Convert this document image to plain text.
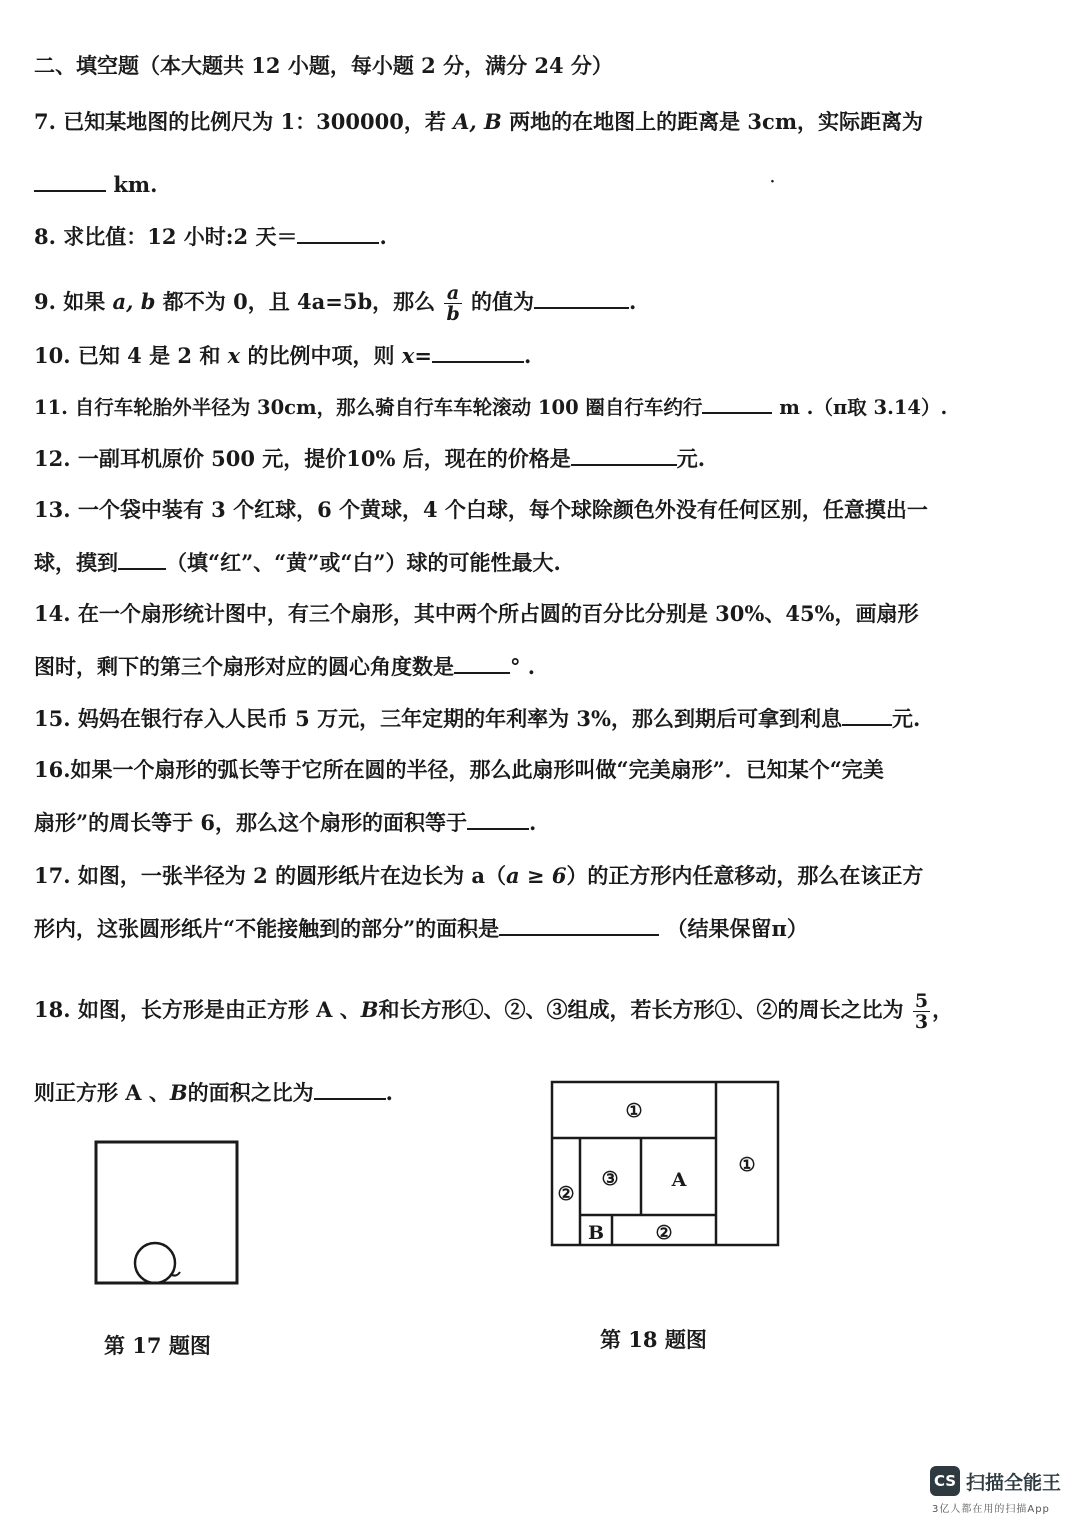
二、填空题（本大题共 12 小题，每小题 2 分，满分 24 分）
7. 已知某地图的比例尺为 1：300000，若 A, B 两地的在地图上的距离是 3cm，实际距离为
km.	·
8. 求比值：12 小时:2 天＝	.
9. 如果 a, b 都不为 0，且 4a=5b，那么 $\frac{a}{b}$ 的值为	.
10. 已知 4 是 2 和 x 的比例中项，则 x=	.
11. 自行车轮胎外半径为 30cm，那么骑自行车车轮滚动 100 圈自行车约行	m .（π取 3.14）.
12. 一副耳机原价 500 元，提价10% 后，现在的价格是	元.
13. 一个袋中装有 3 个红球，6 个黄球，4 个白球，每个球除颜色外没有任何区别，任意摸出一
球，摸到 （填“红”、“黄”或“白”）球的可能性最大.
14. 在一个扇形统计图中，有三个扇形，其中两个所占圆的百分比分别是 30%、45%，画扇形
图时，剩下的第三个扇形对应的圆心角度数是	° .
15. 妈妈在银行存入人民币 5 万元，三年定期的年利率为 3%，那么到期后可拿到利息 元.
16.如果一个扇形的弧长等于它所在圆的半径，那么此扇形叫做“完美扇形”．已知某个“完美
扇形”的周长等于 6，那么这个扇形的面积等于	.
17. 如图，一张半径为 2 的圆形纸片在边长为 a（a ≥ 6）的正方形内任意移动，那么在该正方
形内，这张圆形纸片“不能接触到的部分”的面积是	（结果保留π）
18. 如图，长方形是由正方形 A 、B和长方形①、②、③组成，若长方形①、②的周长之比为 $\frac{5}{3}$ ，
则正方形 A 、B的面积之比为	.
第 17 题图
①
①
②
③	A
B	②
第 18 题图
CS 扫描全能王
3亿人都在用的扫描App
